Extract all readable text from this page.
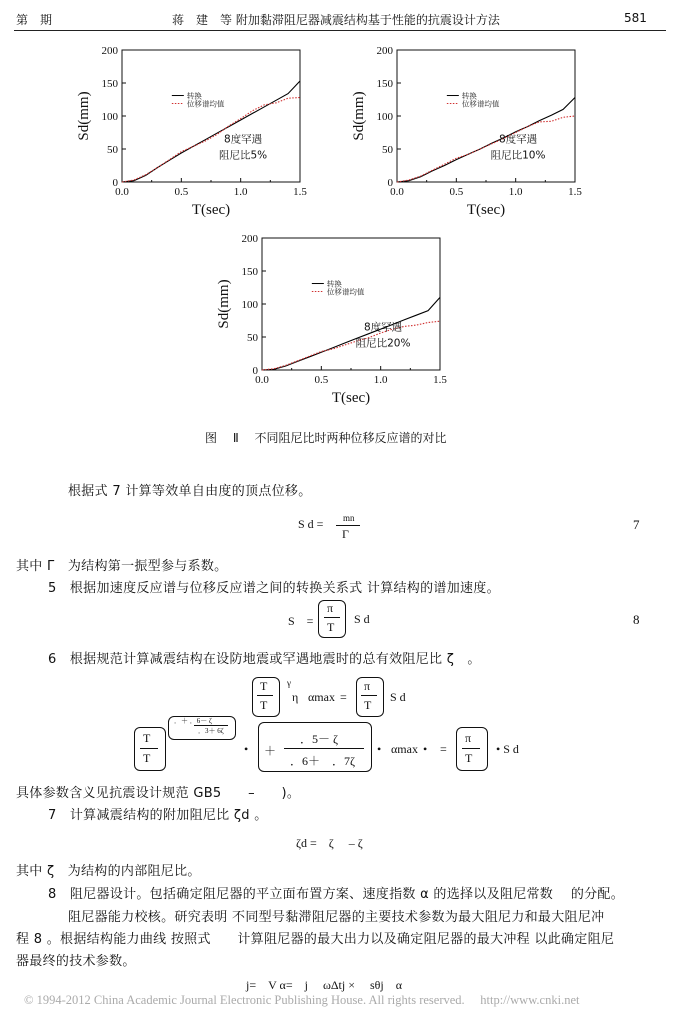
第　期	蒋　建　等 附加黏滞阻尼器减震结构基于性能的抗震设计方法	581
0
50
100
150
200
0.0	0.5	1.0	1.5
T(sec)
Sd(mm)	转换
位移谱均值
8度罕遇
阻尼比5%
0
50
100
150
200
0.0	0.5	1.0	1.5
T(sec)
Sd(mm)	转换
位移谱均值
8度罕遇
阻尼比10%
0
50
100
150
200
0.0	0.5	1.0	1.5
T(sec)
Sd(mm)	转换
位移谱均值
8度罕遇
阻尼比20%
图　 Ⅱ　 不同阻尼比时两种位移反应谱的对比
根据式 7 计算等效单自由度的顶点位移。
S d = mn
Γ
7
其中 Γ　为结构第一振型参与系数。
5　根据加速度反应谱与位移反应谱之间的转换关系式 计算结构的谱加速度。
S　=
π
T
S d	8
6　根据规范计算减震结构在设防地震或罕遇地震时的总有效阻尼比 ζ　。
T
T
γ
η αmax =
π
T
S d
T
T
．＋ ．6－ ζ
．3＋ 6ζ
• ＋
．5－ ζ
．6＋　．7ζ
• αmax • =
π
T
• S d
具体参数含义见抗震设计规范 GB5　　–　　)。
7　计算减震结构的附加阻尼比 ζd 。
ζd =　ζ　 – ζ
其中 ζ　为结构的内部阻尼比。
8　阻尼器设计。包括确定阻尼器的平立面布置方案、速度指数 α 的选择以及阻尼常数　 的分配。
阻尼器能力校核。研究表明 不同型号黏滞阻尼器的主要技术参数为最大阻尼力和最大阻尼冲
程 8 。根据结构能力曲线 按照式　　计算阻尼器的最大出力以及确定阻尼器的最大冲程 以此确定阻尼
器最终的技术参数。
j=　V α=　j　 ωΔtj ×　 sθj　α
© 1994-2012 China Academic Journal Electronic Publishing House. All rights reserved.　 http://www.cnki.net
